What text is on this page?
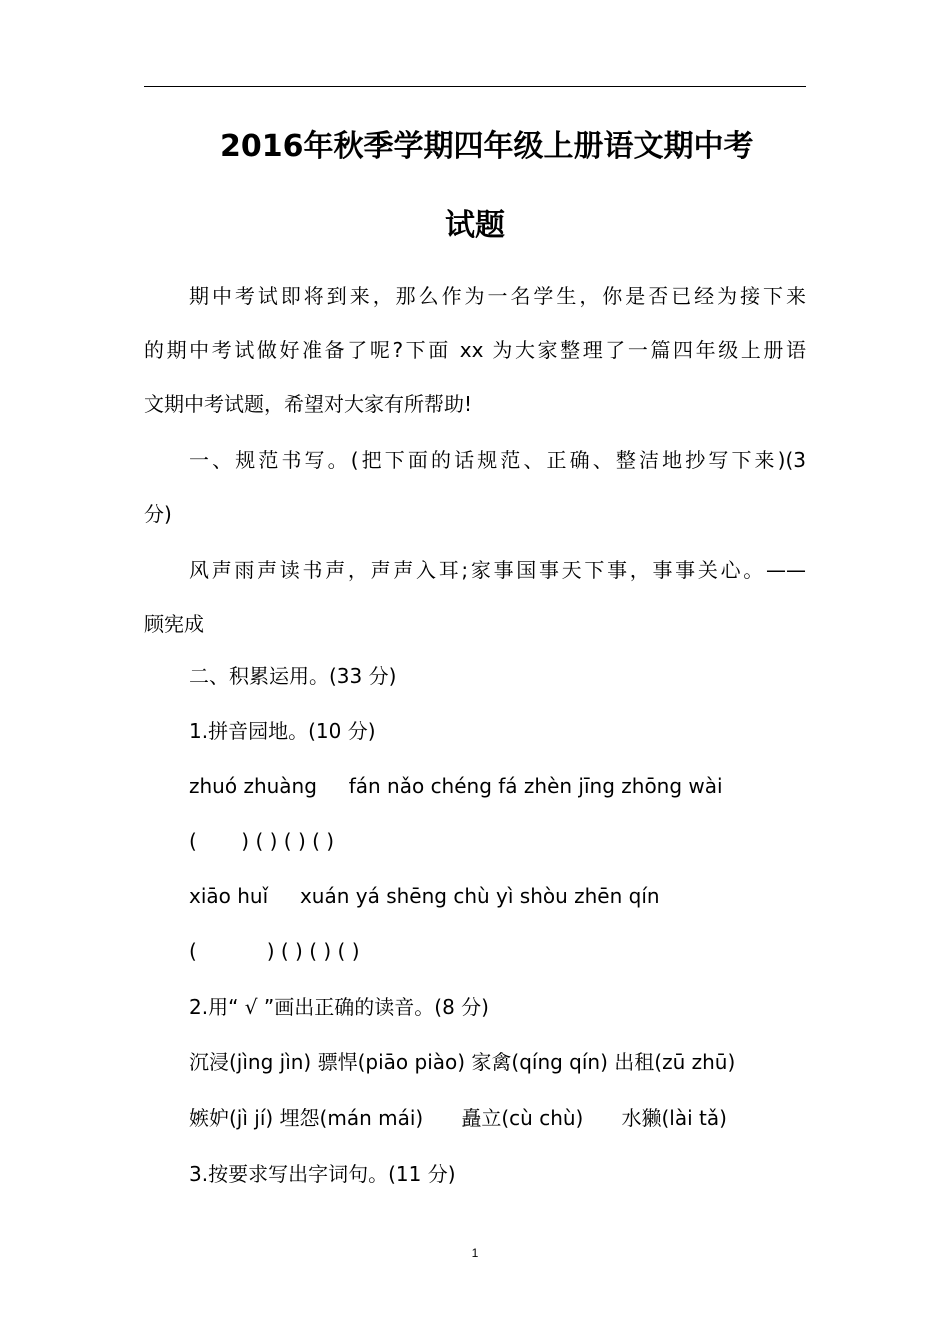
2016年秋季学期四年级上册语文期中考
试题
期中考试即将到来，那么作为一名学生，你是否已经为接下来
的期中考试做好准备了呢?下面 xx 为大家整理了一篇四年级上册语
文期中考试题，希望对大家有所帮助!
一、规范书写。(把下面的话规范、正确、整洁地抄写下来)(3
分)
风声雨声读书声，声声入耳;家事国事天下事，事事关心。——
顾宪成
二、积累运用。(33 分)
1.拼音园地。(10 分)
zhuó zhuàng     fán nǎo chéng fá zhèn jīng zhōng wài
(       ) ( ) ( ) ( )
xiāo huǐ     xuán yá shēng chù yì shòu zhēn qín
(           ) ( ) ( ) ( )
2.用“ √ ”画出正确的读音。(8 分)
沉浸(jìng jìn) 骠悍(piāo piào) 家禽(qíng qín) 出租(zū zhū)
嫉妒(jì jí) 埋怨(mán mái)      矗立(cù chù)      水獭(lài tǎ)
3.按要求写出字词句。(11 分)
1
